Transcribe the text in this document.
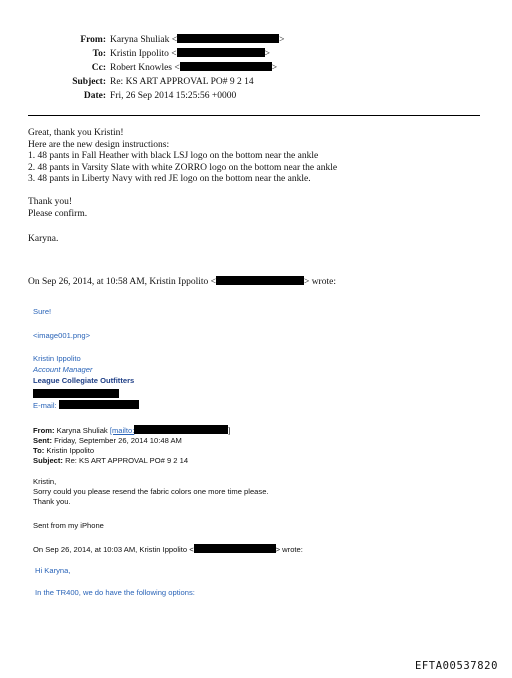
From: Karyna Shuliak <	>
To: Kristin Ippolito <	>
Cc: Robert Knowles <	>
Subject: Re: KS ART APPROVAL PO# 9 2 14
Date: Fri, 26 Sep 2014 15:25:56 +0000
Great, thank you Kristin!
Here are the new design instructions:
1. 48 pants in Fall Heather with black LSJ logo on the bottom near the ankle
2. 48 pants in Varsity Slate with white ZORRO logo on the bottom near the ankle
3. 48 pants in Liberty Navy with red JE logo on the bottom near the ankle.
Thank you!
Please confirm.
Karyna.
On Sep 26, 2014, at 10:58 AM, Kristin Ippolito <	> wrote:
Sure!
<image001.png>
Kristin Ippolito
Account Manager
League Collegiate Outfitters
E-mail:
From: Karyna Shuliak [mailto:	]
Sent: Friday, September 26, 2014 10:48 AM
To: Kristin Ippolito
Subject: Re: KS ART APPROVAL PO# 9 2 14
Kristin,
Sorry could you please resend the fabric colors one more time please.
Thank you.
Sent from my iPhone
On Sep 26, 2014, at 10:03 AM, Kristin Ippolito <	> wrote:
Hi Karyna,
In the TR400, we do have the following options:
EFTA00537820
